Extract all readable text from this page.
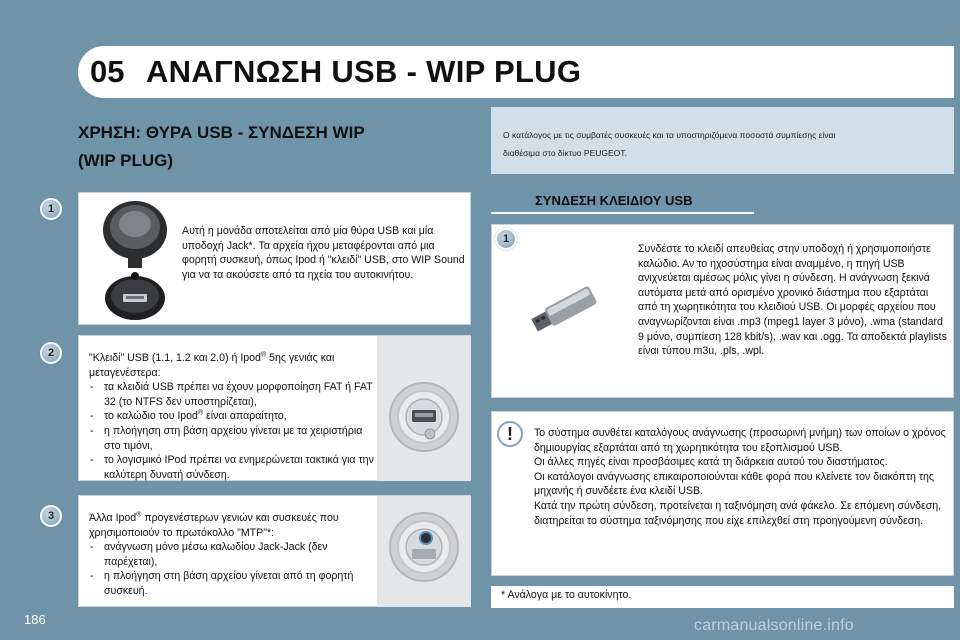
05 ΑΝΑΓΝΩΣΗ USB - WIP PLUG
ΧΡΗΣΗ: ΘΥΡΑ USB - ΣΥΝΔΕΣΗ WIP
(WIP PLUG)
Ο κατάλογος με τις συμβατές συσκευές και τα υποστηριζόμενα ποσοστά συμπίεσης είναι
διαθέσιμα στο δίκτυο PEUGEOT.
Αυτή η μονάδα αποτελείται από μία θύρα USB και μία υποδοχή Jack*. Τα αρχεία ήχου μεταφέρονται από μια φορητή συσκευή, όπως Ipod ή "κλειδί" USB, στο WIP Sound για να τα ακούσετε από τα ηχεία του αυτοκινήτου.
1

"Κλειδί" USB (1.1, 1.2 και 2.0) ή Ipod® 5ης γενιάς και μεταγενέστερα:

- τα κλειδιά USB πρέπει να έχουν μορφοποίηση FAT ή FAT 32 (το NTFS δεν υποστηρίζεται),
- το καλώδιο του Ipod® είναι απαραίτητο,
- η πλοήγηση στη βάση αρχείου γίνεται με τα χειριστήρια στο τιμόνι,
- το λογισμικό IPod πρέπει να ενημερώνεται τακτικά για την καλύτερη δυνατή σύνδεση.
2

Άλλα Ipod® προγενέστερων γενιών και συσκευές που χρησιμοποιούν το πρωτόκολλο "MTP"*:

- ανάγνωση μόνο μέσω καλωδίου Jack-Jack (δεν παρέχεται),
- η πλοήγηση στη βάση αρχείου γίνεται από τη φορητή συσκευή.
3
ΣΥΝΔΕΣΗ ΚΛΕΙΔΙΟΥ USB
Συνδέστε το κλειδί απευθείας στην υποδοχή ή χρησιμοποιήστε καλώδιο. Αν το ηχοσύστημα είναι αναμμένο, η πηγή USB ανιχνεύεται αμέσως μόλις γίνει η σύνδεση. Η ανάγνωση ξεκινά αυτόματα μετά από ορισμένο χρονικό διάστημα που εξαρτάται από τη χωρητικότητα του κλειδιού USB. Οι μορφές αρχείου που αναγνωρίζονται είναι .mp3 (mpeg1 layer 3 μόνο), .wma (standard 9 μόνο, συμπίεση 128 kbit/s), .wav και .ogg. Τα αποδεκτά playlists είναι τύπου m3u, .pls, .wpl.
1

Το σύστημα συνθέτει καταλόγους ανάγνωσης (προσωρινή μνήμη) των οποίων ο χρόνος δημιουργίας εξαρτάται από τη χωρητικότητα του εξοπλισμού USB.

Οι άλλες πηγές είναι προσβάσιμες κατά τη διάρκεια αυτού του διαστήματος.

Οι κατάλογοι ανάγνωσης επικαιροποιούνται κάθε φορά που κλείνετε τον διακόπτη της μηχανής ή συνδέετε ένα κλειδί USB.

Κατά την πρώτη σύνδεση, προτείνεται η ταξινόμηση ανά φάκελο. Σε επόμενη σύνδεση, διατηρείται το σύστημα ταξινόμησης που είχε επιλεχθεί στη προηγούμενη σύνδεση.

!
* Ανάλογα με το αυτοκίνητο.
186	carmanualsonline.info
